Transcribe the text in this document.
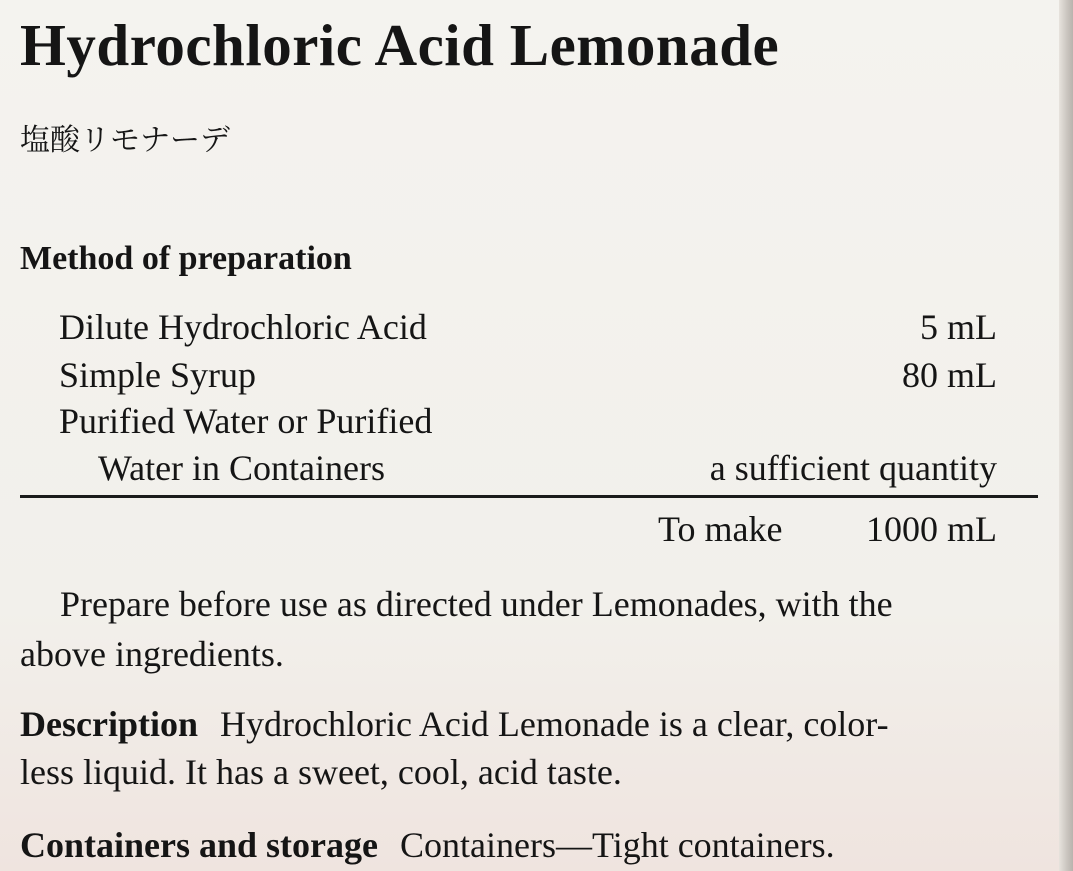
Hydrochloric Acid Lemonade
塩酸リモナーデ
Method of preparation
Dilute Hydrochloric Acid	5 mL
Simple Syrup	80 mL
Purified Water or Purified
Water in Containers	a sufficient quantity
To make 1000 mL
Prepare before use as directed under Lemonades, with the
above ingredients.
Description Hydrochloric Acid Lemonade is a clear, color-
less liquid. It has a sweet, cool, acid taste.
Containers and storage Containers—Tight containers.
